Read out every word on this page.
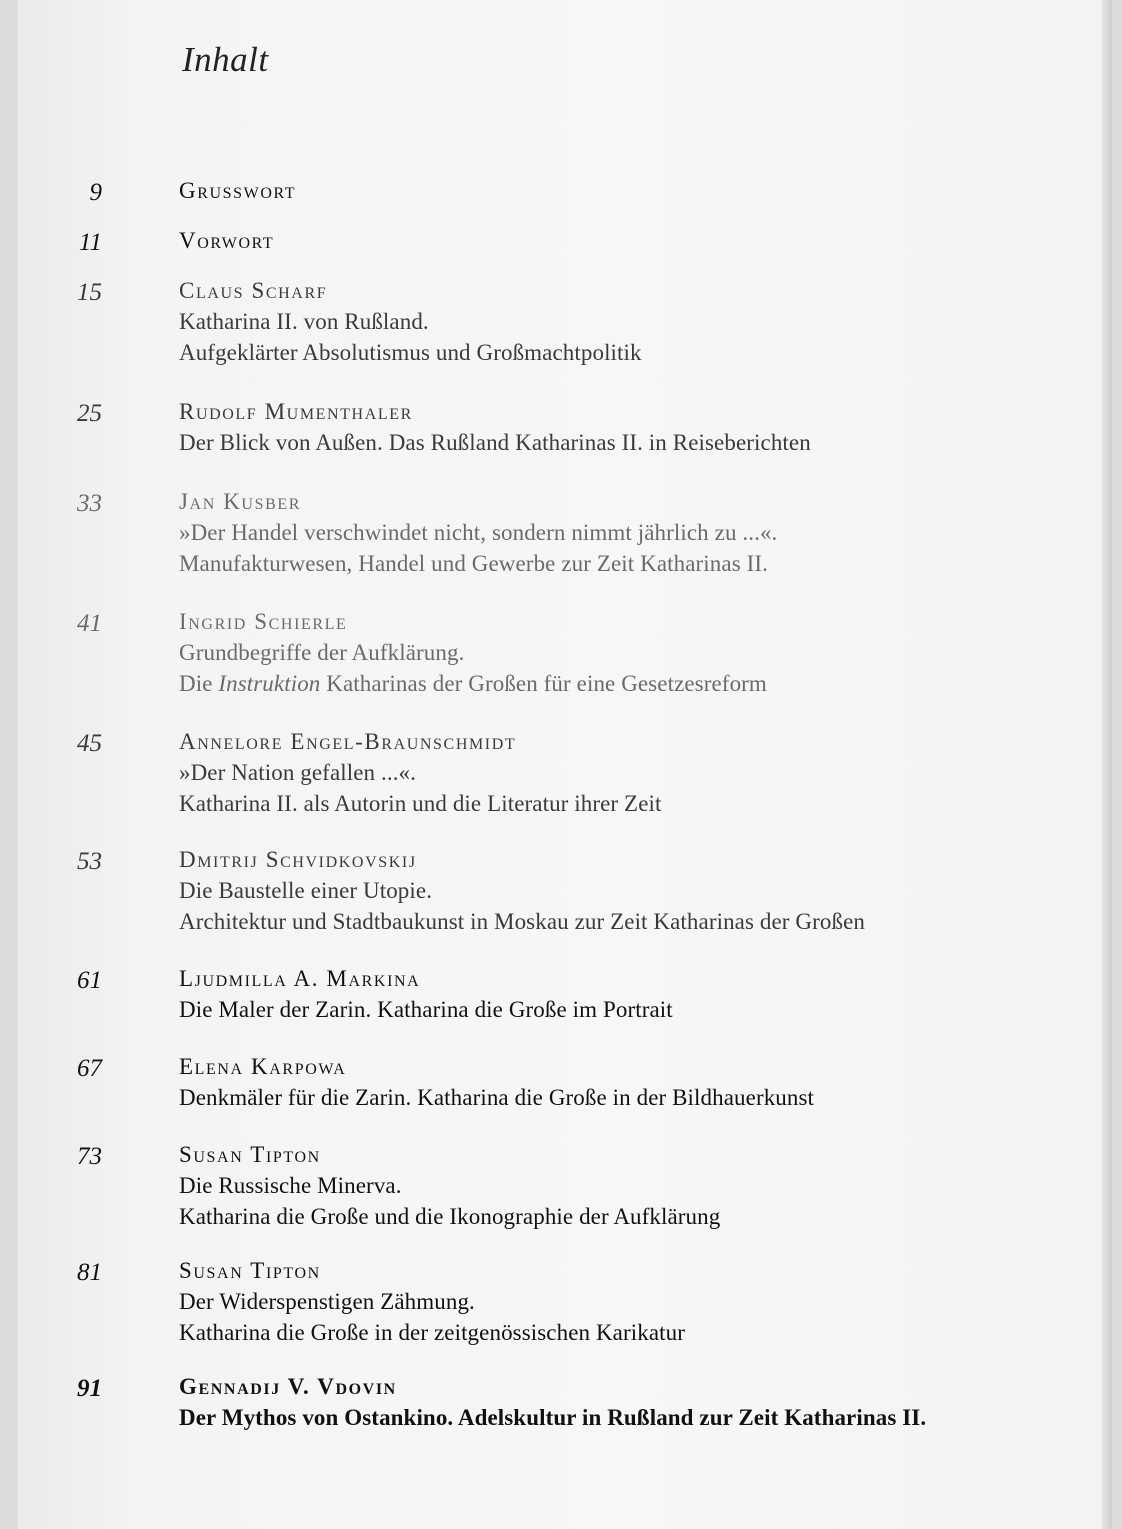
Inhalt
9	Grusswort
11	Vorwort
15	Claus Scharf
Katharina II. von Rußland.
Aufgeklärter Absolutismus und Großmachtpolitik
25	Rudolf Mumenthaler
Der Blick von Außen. Das Rußland Katharinas II. in Reiseberichten
33	Jan Kusber
»Der Handel verschwindet nicht, sondern nimmt jährlich zu ...«.
Manufakturwesen, Handel und Gewerbe zur Zeit Katharinas II.
41	Ingrid Schierle
Grundbegriffe der Aufklärung.
Die Instruktion Katharinas der Großen für eine Gesetzesreform
45	Annelore Engel-Braunschmidt
»Der Nation gefallen ...«.
Katharina II. als Autorin und die Literatur ihrer Zeit
53	Dmitrij Schvidkovskij
Die Baustelle einer Utopie.
Architektur und Stadtbaukunst in Moskau zur Zeit Katharinas der Großen
61	Ljudmilla A. Markina
Die Maler der Zarin. Katharina die Große im Portrait
67	Elena Karpowa
Denkmäler für die Zarin. Katharina die Große in der Bildhauerkunst
73	Susan Tipton
Die Russische Minerva.
Katharina die Große und die Ikonographie der Aufklärung
81	Susan Tipton
Der Widerspenstigen Zähmung.
Katharina die Große in der zeitgenössischen Karikatur
91	Gennadij V. Vdovin
Der Mythos von Ostankino. Adelskultur in Rußland zur Zeit Katharinas II.
